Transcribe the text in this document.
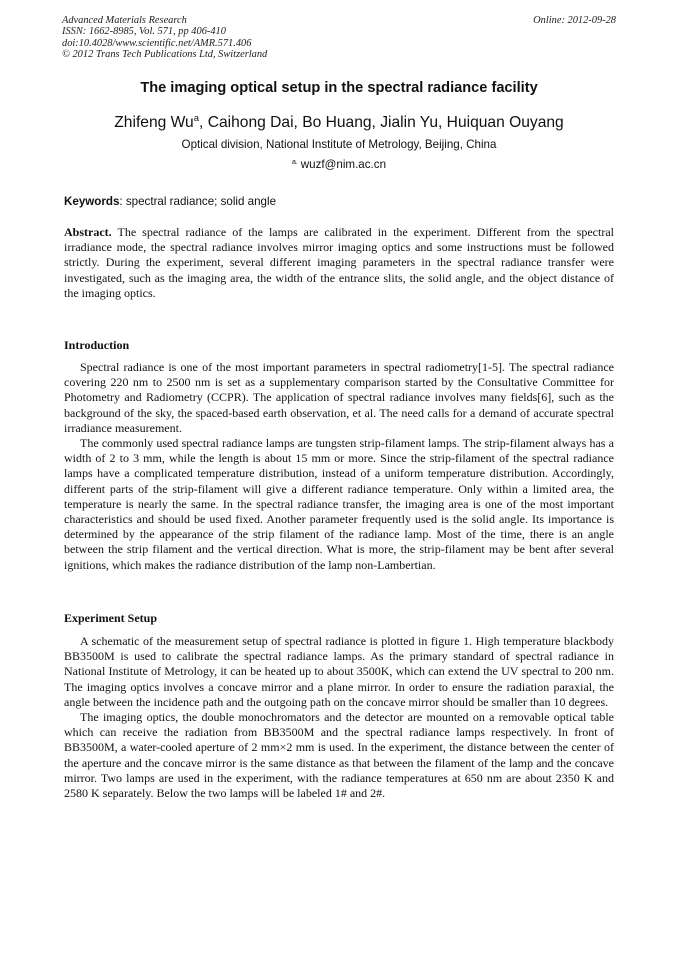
Advanced Materials Research
ISSN: 1662-8985, Vol. 571, pp 406-410
doi:10.4028/www.scientific.net/AMR.571.406
© 2012 Trans Tech Publications Ltd, Switzerland
Online: 2012-09-28
The imaging optical setup in the spectral radiance facility
Zhifeng Wu$^a$, Caihong Dai, Bo Huang, Jialin Yu, Huiquan Ouyang
Optical division, National Institute of Metrology, Beijing, China
$^{a.}$ wuzf@nim.ac.cn
Keywords: spectral radiance; solid angle

Abstract. The spectral radiance of the lamps are calibrated in the experiment. Different from the spectral irradiance mode, the spectral radiance involves mirror imaging optics and some instructions must be followed strictly. During the experiment, several different imaging parameters in the spectral radiance transfer were investigated, such as the imaging area, the width of the entrance slits, the solid angle, and the object distance of the imaging optics.

Introduction

Spectral radiance is one of the most important parameters in spectral radiometry[1-5]. The spectral radiance covering 220 nm to 2500 nm is set as a supplementary comparison started by the Consultative Committee for Photometry and Radiometry (CCPR). The application of spectral radiance involves many fields[6], such as the background of the sky, the spaced-based earth observation, et al. The need calls for a demand of accurate spectral irradiance measurement.

The commonly used spectral radiance lamps are tungsten strip-filament lamps. The strip-filament always has a width of 2 to 3 mm, while the length is about 15 mm or more. Since the strip-filament of the spectral radiance lamps have a complicated temperature distribution, instead of a uniform temperature distribution. Accordingly, different parts of the strip-filament will give a different radiance temperature. Only within a limited area, the temperature is nearly the same. In the spectral radiance transfer, the imaging area is one of the most important characteristics and should be used fixed. Another parameter frequently used is the solid angle. Its importance is determined by the appearance of the strip filament of the radiance lamp. Most of the time, there is an angle between the strip filament and the vertical direction. What is more, the strip-filament may be bent after several ignitions, which makes the radiance distribution of the lamp non-Lambertian.

Experiment Setup

A schematic of the measurement setup of spectral radiance is plotted in figure 1. High temperature blackbody BB3500M is used to calibrate the spectral radiance lamps. As the primary standard of spectral radiance in National Institute of Metrology, it can be heated up to about 3500K, which can extend the UV spectral to 200 nm. The imaging optics involves a concave mirror and a plane mirror. In order to ensure the radiation paraxial, the angle between the incidence path and the outgoing path on the concave mirror should be smaller than 10 degrees.

The imaging optics, the double monochromators and the detector are mounted on a removable optical table which can receive the radiation from BB3500M and the spectral radiance lamps respectively. In front of BB3500M, a water-cooled aperture of 2 mm×2 mm is used. In the experiment, the distance between the center of the aperture and the concave mirror is the same distance as that between the filament of the lamp and the concave mirror. Two lamps are used in the experiment, with the radiance temperatures at 650 nm are about 2350 K and 2580 K separately. Below the two lamps will be labeled 1# and 2#.
